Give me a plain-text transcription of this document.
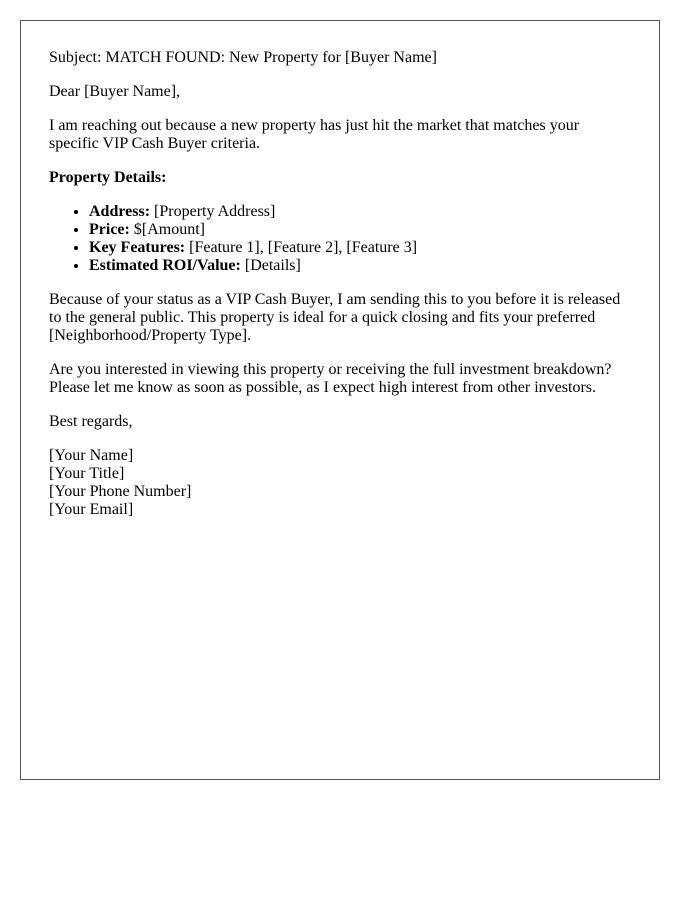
Subject: MATCH FOUND: New Property for [Buyer Name]

Dear [Buyer Name],

I am reaching out because a new property has just hit the market that matches your specific VIP Cash Buyer criteria.

Property Details:

• Address: [Property Address]
• Price: $[Amount]
• Key Features: [Feature 1], [Feature 2], [Feature 3]
• Estimated ROI/Value: [Details]

Because of your status as a VIP Cash Buyer, I am sending this to you before it is released to the general public. This property is ideal for a quick closing and fits your preferred [Neighborhood/Property Type].

Are you interested in viewing this property or receiving the full investment breakdown? Please let me know as soon as possible, as I expect high interest from other investors.

Best regards,

[Your Name]
[Your Title]
[Your Phone Number]
[Your Email]
